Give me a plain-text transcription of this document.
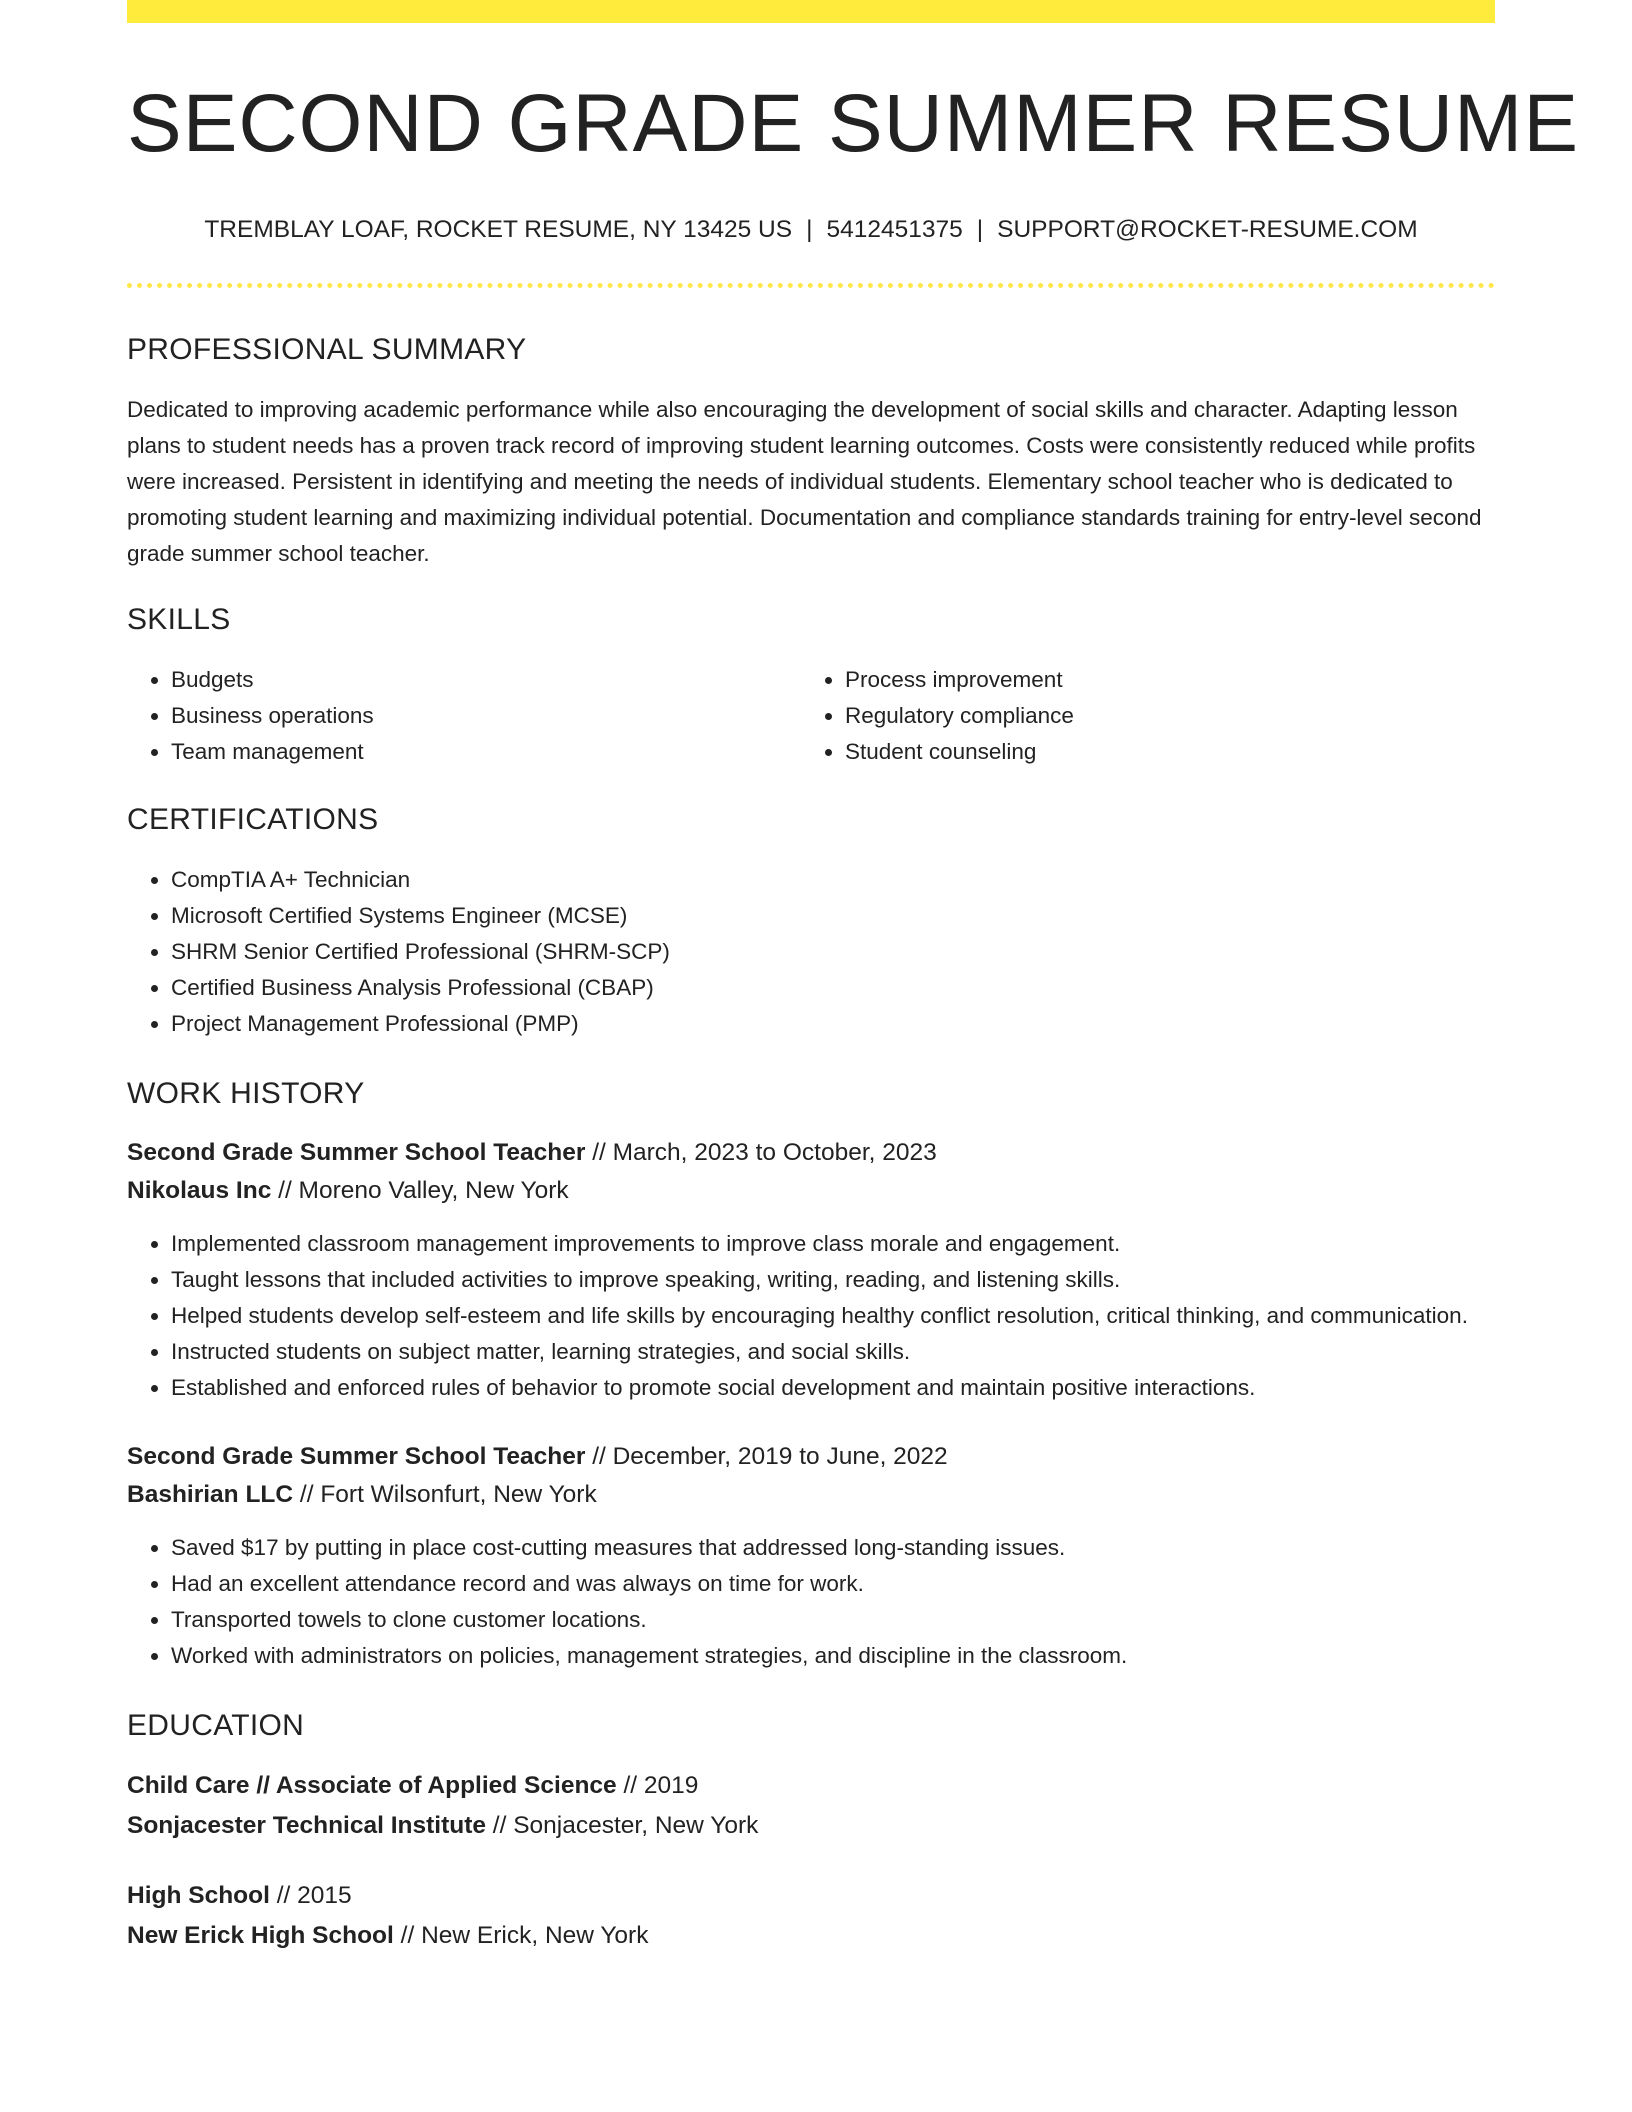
SECOND GRADE SUMMER RESUME
TREMBLAY LOAF, ROCKET RESUME, NY 13425 US | 5412451375 | SUPPORT@ROCKET-RESUME.COM
PROFESSIONAL SUMMARY

Dedicated to improving academic performance while also encouraging the development of social skills and character. Adapting lesson plans to student needs has a proven track record of improving student learning outcomes. Costs were consistently reduced while profits were increased. Persistent in identifying and meeting the needs of individual students. Elementary school teacher who is dedicated to promoting student learning and maximizing individual potential. Documentation and compliance standards training for entry-level second grade summer school teacher.

SKILLS
• Budgets
• Business operations
• Team management
• Process improvement
• Regulatory compliance
• Student counseling
CERTIFICATIONS
• CompTIA A+ Technician
• Microsoft Certified Systems Engineer (MCSE)
• SHRM Senior Certified Professional (SHRM-SCP)
• Certified Business Analysis Professional (CBAP)
• Project Management Professional (PMP)
WORK HISTORY
Second Grade Summer School Teacher // March, 2023 to October, 2023
Nikolaus Inc // Moreno Valley, New York
• Implemented classroom management improvements to improve class morale and engagement.
• Taught lessons that included activities to improve speaking, writing, reading, and listening skills.
• Helped students develop self-esteem and life skills by encouraging healthy conflict resolution, critical thinking, and communication.
• Instructed students on subject matter, learning strategies, and social skills.
• Established and enforced rules of behavior to promote social development and maintain positive interactions.
Second Grade Summer School Teacher // December, 2019 to June, 2022
Bashirian LLC // Fort Wilsonfurt, New York
• Saved $17 by putting in place cost-cutting measures that addressed long-standing issues.
• Had an excellent attendance record and was always on time for work.
• Transported towels to clone customer locations.
• Worked with administrators on policies, management strategies, and discipline in the classroom.
EDUCATION
Child Care // Associate of Applied Science // 2019
Sonjacester Technical Institute // Sonjacester, New York
High School // 2015
New Erick High School // New Erick, New York
